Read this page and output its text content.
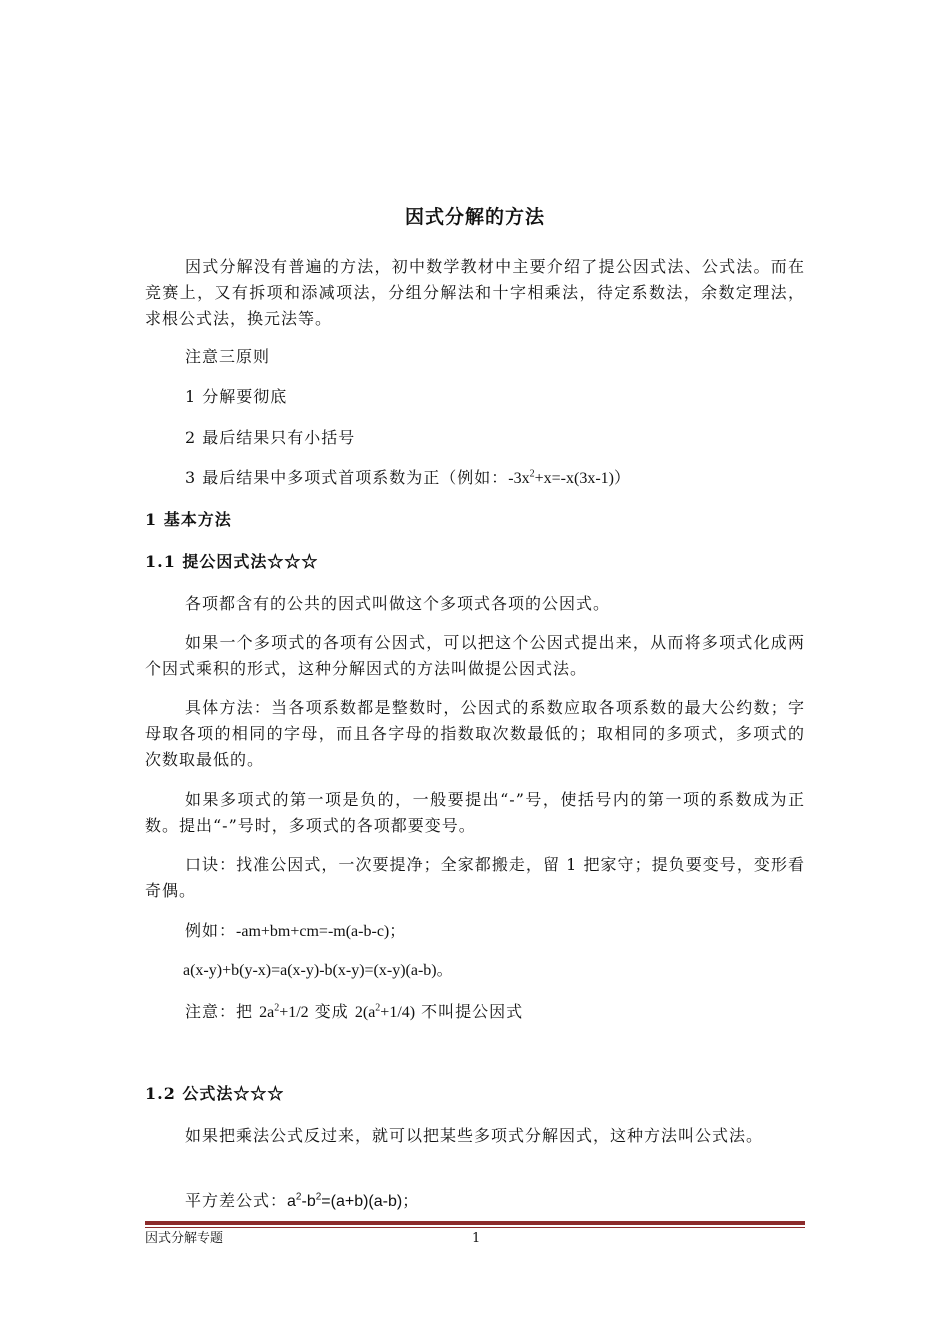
因式分解的方法

因式分解没有普遍的方法，初中数学教材中主要介绍了提公因式法、公式法。而在竞赛上，又有拆项和添减项法，分组分解法和十字相乘法，待定系数法，余数定理法，求根公式法，换元法等。

注意三原则
1 分解要彻底
2 最后结果只有小括号
3 最后结果中多项式首项系数为正（例如：$-3x^2+x=-x(3x-1)$）
1 基本方法
1.1 提公因式法☆☆☆

各项都含有的公共的因式叫做这个多项式各项的公因式。

如果一个多项式的各项有公因式，可以把这个公因式提出来，从而将多项式化成两个因式乘积的形式，这种分解因式的方法叫做提公因式法。

具体方法：当各项系数都是整数时，公因式的系数应取各项系数的最大公约数；字母取各项的相同的字母，而且各字母的指数取次数最低的；取相同的多项式，多项式的次数取最低的。

如果多项式的第一项是负的，一般要提出“-”号，使括号内的第一项的系数成为正数。提出“-”号时，多项式的各项都要变号。

口诀：找准公因式，一次要提净；全家都搬走，留 1 把家守；提负要变号，变形看奇偶。

例如：-am+bm+cm=-m(a-b-c)；
a(x-y)+b(y-x)=a(x-y)-b(x-y)=(x-y)(a-b)。
注意：把 $2a^2+1/2$ 变成 $2(a^2+1/4)$ 不叫提公因式
1.2 公式法☆☆☆

如果把乘法公式反过来，就可以把某些多项式分解因式，这种方法叫公式法。

平方差公式：$a^2-b^2=(a+b)(a-b)$；
因式分解专题	1
